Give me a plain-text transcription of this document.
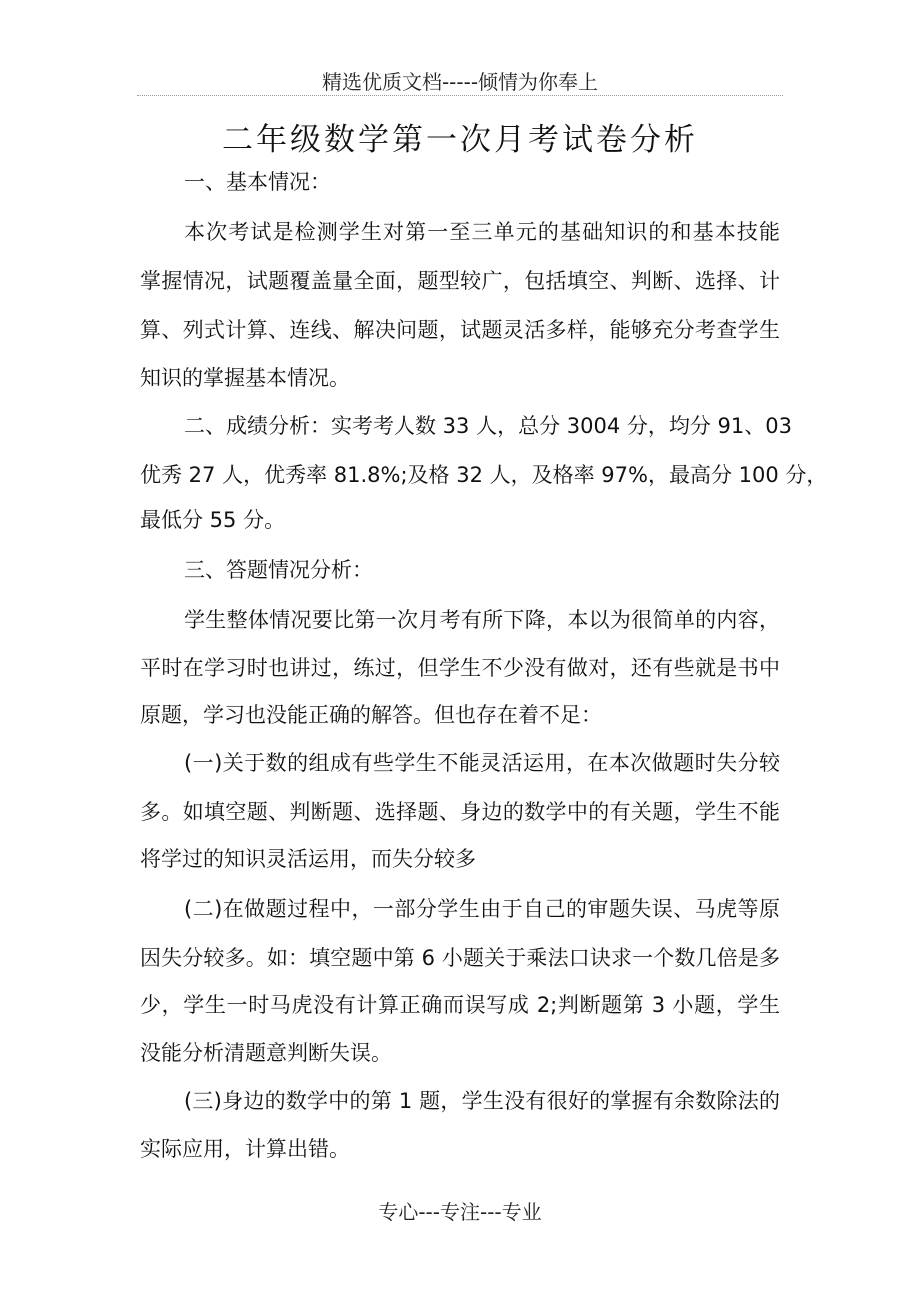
精选优质文档-----倾情为你奉上
二年级数学第一次月考试卷分析
一、基本情况：
本次考试是检测学生对第一至三单元的基础知识的和基本技能
掌握情况，试题覆盖量全面，题型较广，包括填空、判断、选择、计
算、列式计算、连线、解决问题，试题灵活多样，能够充分考查学生
知识的掌握基本情况。
二、成绩分析：实考考人数 33 人，总分 3004 分，均分 91、03
优秀 27 人，优秀率 81.8%;及格 32 人，及格率 97%，最高分 100 分，
最低分 55 分。
三、答题情况分析：
学生整体情况要比第一次月考有所下降，本以为很简单的内容，
平时在学习时也讲过，练过，但学生不少没有做对，还有些就是书中
原题，学习也没能正确的解答。但也存在着不足：
(一)关于数的组成有些学生不能灵活运用，在本次做题时失分较
多。如填空题、判断题、选择题、身边的数学中的有关题，学生不能
将学过的知识灵活运用，而失分较多
(二)在做题过程中，一部分学生由于自己的审题失误、马虎等原
因失分较多。如：填空题中第 6 小题关于乘法口诀求一个数几倍是多
少，学生一时马虎没有计算正确而误写成 2;判断题第 3 小题，学生
没能分析清题意判断失误。
(三)身边的数学中的第 1 题，学生没有很好的掌握有余数除法的
实际应用，计算出错。
专心---专注---专业
